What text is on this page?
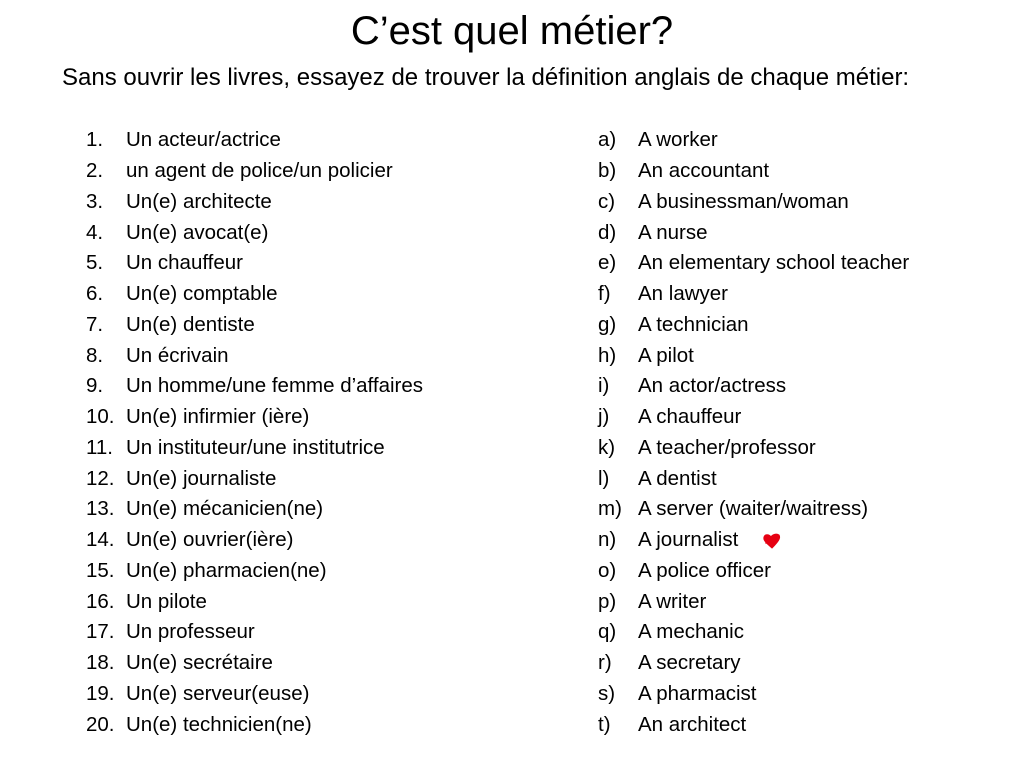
C’est quel métier?

Sans ouvrir les livres, essayez de trouver la définition anglais de chaque métier:

1.	Un acteur/actrice
2.	un agent de police/un policier
3.	Un(e) architecte
4.	Un(e) avocat(e)
5.	Un chauffeur
6.	Un(e) comptable
7.	Un(e) dentiste
8.	Un écrivain
9.	Un homme/une femme d’affaires
10. Un(e) infirmier (ière)
11. Un instituteur/une institutrice
12. Un(e) journaliste
13. Un(e) mécanicien(ne)
14. Un(e) ouvrier(ière)
15. Un(e) pharmacien(ne)
16. Un pilote
17. Un professeur
18. Un(e) secrétaire
19. Un(e) serveur(euse)
20. Un(e) technicien(ne)
a)	A worker
b)	An accountant
c)	A businessman/woman
d)	A nurse
e)	An elementary school teacher
f)	An lawyer
g)	A technician
h)	A pilot
i)	An actor/actress
j)	A chauffeur
k)	A teacher/professor
l)	A dentist
m) A server (waiter/waitress)
n)	A journalist
o)	A police officer
p)	A writer
q)	A mechanic
r)	A secretary
s)	A pharmacist
t)	An architect
